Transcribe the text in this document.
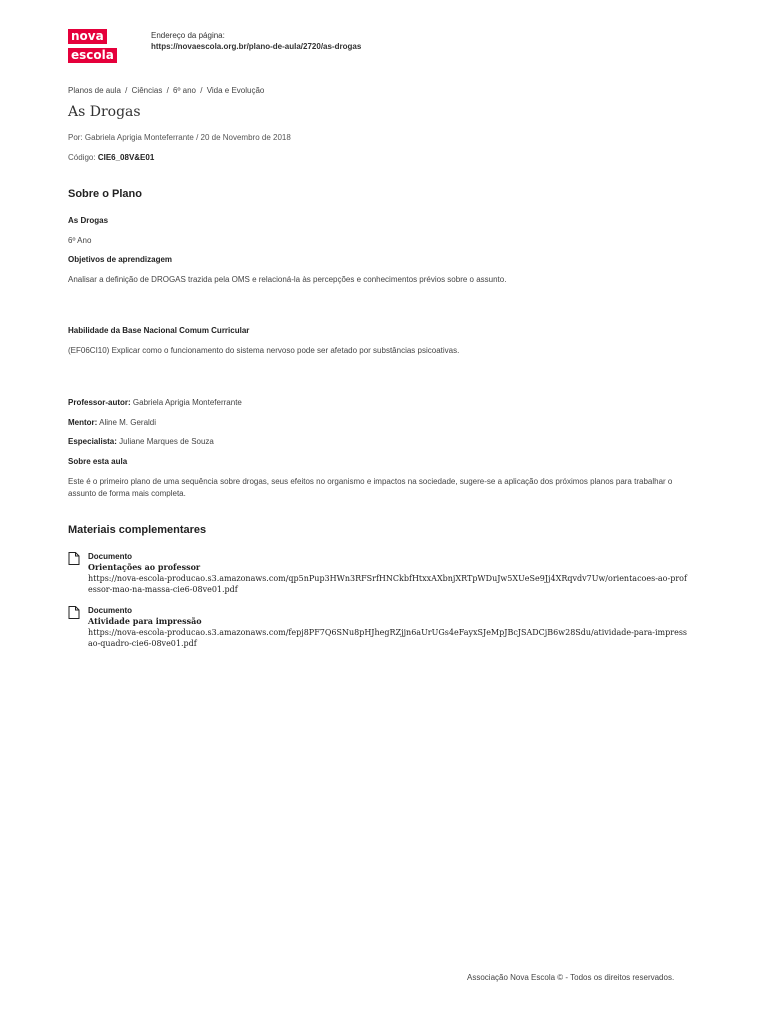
nova
escola
Endereço da página:
https://novaescola.org.br/plano-de-aula/2720/as-drogas
Planos de aula / Ciências / 6º ano / Vida e Evolução
As Drogas
Por: Gabriela Aprigia Monteferrante / 20 de Novembro de 2018
Código: CIE6_08V&E01
Sobre o Plano
As Drogas
6º Ano
Objetivos de aprendizagem
Analisar a definição de DROGAS trazida pela OMS e relacioná-la às percepções e conhecimentos prévios sobre o assunto.
Habilidade da Base Nacional Comum Curricular
(EF06CI10) Explicar como o funcionamento do sistema nervoso pode ser afetado por substâncias psicoativas.
Professor-autor: Gabriela Aprigia Monteferrante
Mentor: Aline M. Geraldi
Especialista: Juliane Marques de Souza
Sobre esta aula
Este é o primeiro plano de uma sequência sobre drogas, seus efeitos no organismo e impactos na sociedade, sugere-se a aplicação dos próximos planos para trabalhar o assunto de forma mais completa.
Materiais complementares
Documento
Orientações ao professor
https://nova-escola-producao.s3.amazonaws.com/qp5nPup3HWn3RFSrfHNCkbfHtxxAXbnjXRTpWDuJw5XUeSe9Jj4XRqvdv7Uw/orientacoes-ao-professor-mao-na-massa-cie6-08ve01.pdf
Documento
Atividade para impressão
https://nova-escola-producao.s3.amazonaws.com/fepj8PF7Q6SNu8pHJhegRZjjn6aUrUGs4eFayxSJeMpJBcJSADCjB6w28Sdu/atividade-para-impressao-quadro-cie6-08ve01.pdf
Associação Nova Escola © - Todos os direitos reservados.
